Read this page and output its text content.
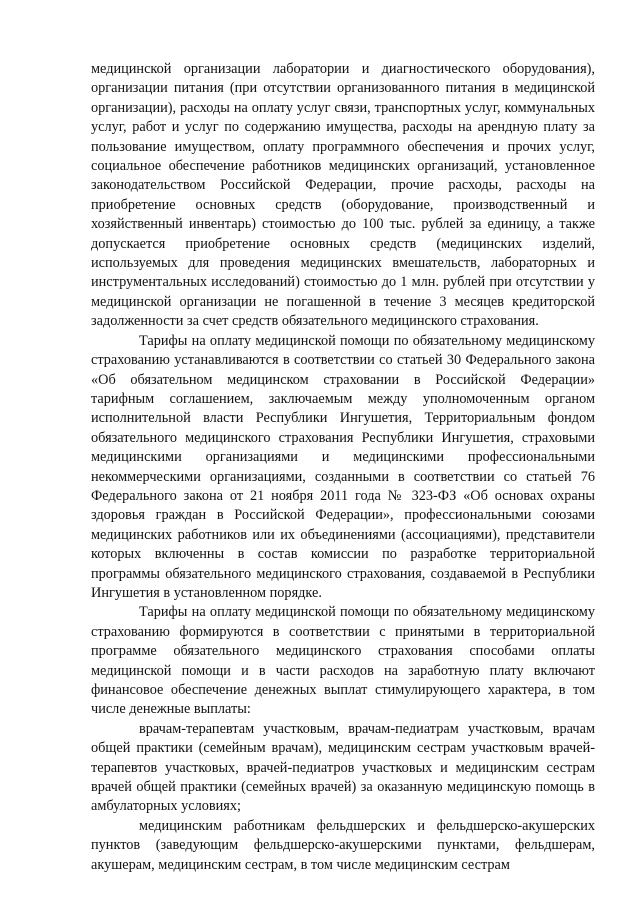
медицинской организации лаборатории и диагностического оборудования), организации питания (при отсутствии организованного питания в медицинской организации), расходы на оплату услуг связи, транспортных услуг, коммунальных услуг, работ и услуг по содержанию имущества, расходы на арендную плату за пользование имуществом, оплату программного обеспечения и прочих услуг, социальное обеспечение работников медицинских организаций, установленное законодательством Российской Федерации, прочие расходы, расходы на приобретение основных средств (оборудование, производственный и хозяйственный инвентарь) стоимостью до 100 тыс. рублей за единицу, а также допускается приобретение основных средств (медицинских изделий, используемых для проведения медицинских вмешательств, лабораторных и инструментальных исследований) стоимостью до 1 млн. рублей при отсутствии у медицинской организации не погашенной в течение 3 месяцев кредиторской задолженности за счет средств обязательного медицинского страхования.

Тарифы на оплату медицинской помощи по обязательному медицинскому страхованию устанавливаются в соответствии со статьей 30 Федерального закона «Об обязательном медицинском страховании в Российской Федерации» тарифным соглашением, заключаемым между уполномоченным органом исполнительной власти Республики Ингушетия, Территориальным фондом обязательного медицинского страхования Республики Ингушетия, страховыми медицинскими организациями и медицинскими профессиональными некоммерческими организациями, созданными в соответствии со статьей 76 Федерального закона от 21 ноября 2011 года № 323-ФЗ «Об основах охраны здоровья граждан в Российской Федерации», профессиональными союзами медицинских работников или их объединениями (ассоциациями), представители которых включенны в состав комиссии по разработке территориальной программы обязательного медицинского страхования, создаваемой в Республики Ингушетия в установленном порядке.

Тарифы на оплату медицинской помощи по обязательному медицинскому страхованию формируются в соответствии с принятыми в территориальной программе обязательного медицинского страхования способами оплаты медицинской помощи и в части расходов на заработную плату включают финансовое обеспечение денежных выплат стимулирующего характера, в том числе денежные выплаты:

врачам-терапевтам участковым, врачам-педиатрам участковым, врачам общей практики (семейным врачам), медицинским сестрам участковым врачей-терапевтов участковых, врачей-педиатров участковых и медицинским сестрам врачей общей практики (семейных врачей) за оказанную медицинскую помощь в амбулаторных условиях;

медицинским работникам фельдшерских и фельдшерско-акушерских пунктов (заведующим фельдшерско-акушерскими пунктами, фельдшерам, акушерам, медицинским сестрам, в том числе медицинским сестрам
